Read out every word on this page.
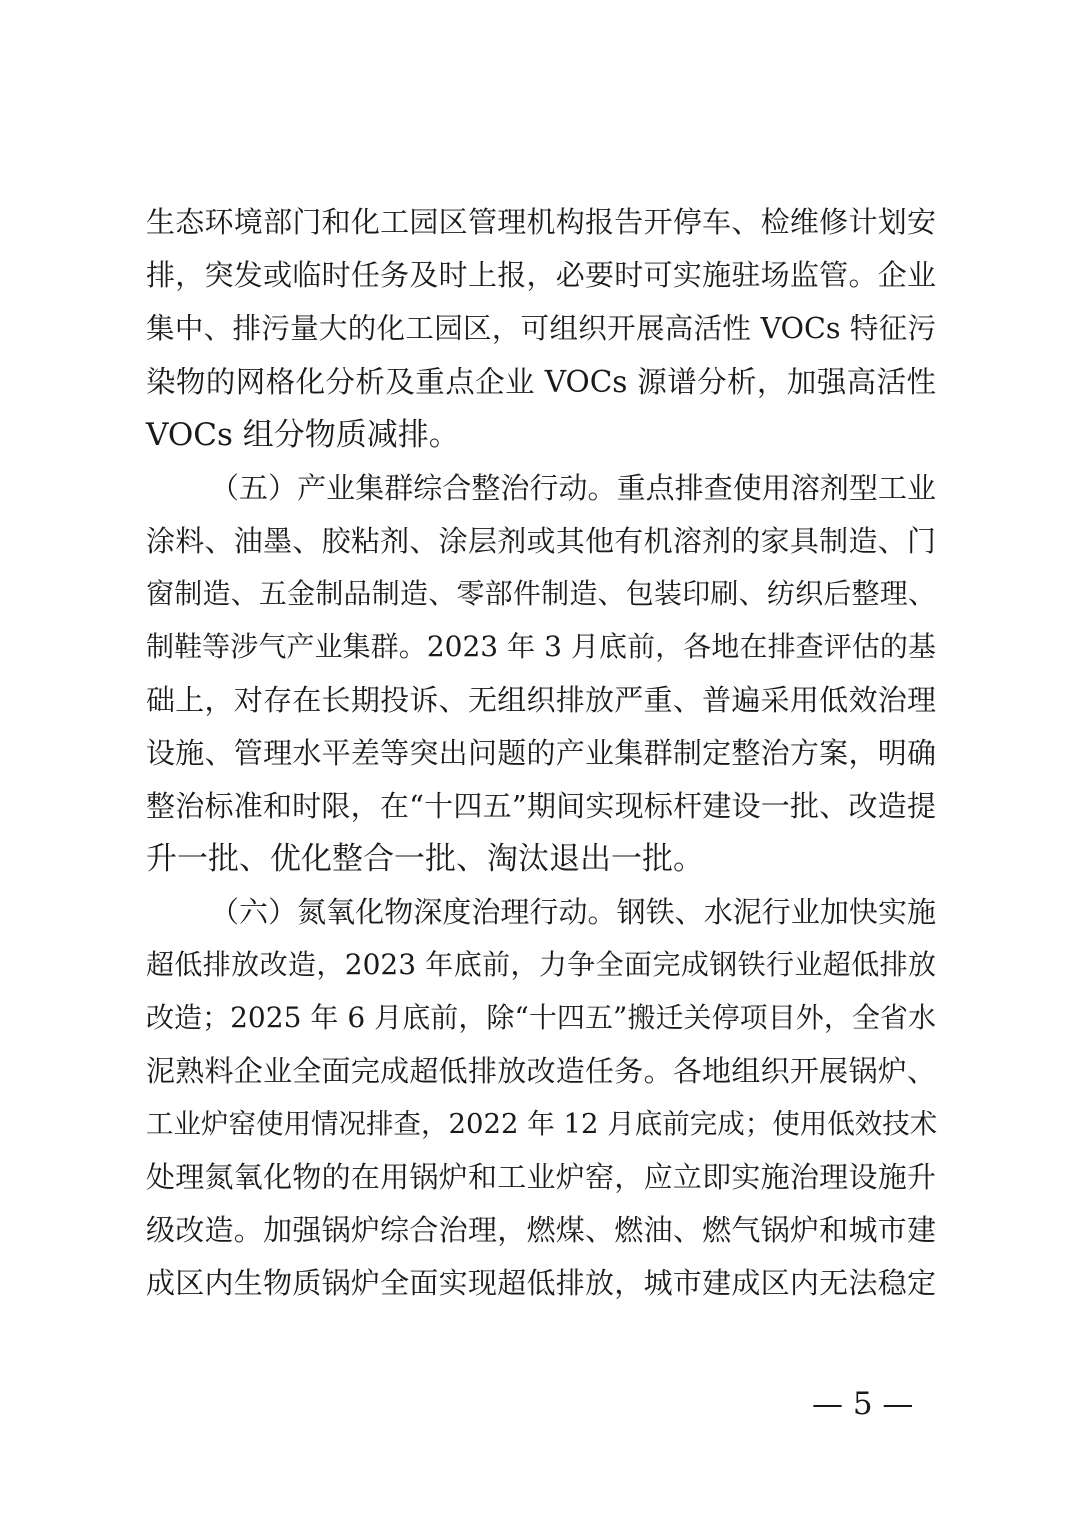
生态环境部门和化工园区管理机构报告开停车、检维修计划安
排，突发或临时任务及时上报，必要时可实施驻场监管。企业
集中、排污量大的化工园区，可组织开展高活性 VOCs 特征污
染物的网格化分析及重点企业 VOCs 源谱分析，加强高活性
VOCs 组分物质减排。
（五）产业集群综合整治行动。重点排查使用溶剂型工业
涂料、油墨、胶粘剂、涂层剂或其他有机溶剂的家具制造、门
窗制造、五金制品制造、零部件制造、包装印刷、纺织后整理、
制鞋等涉气产业集群。2023 年 3 月底前，各地在排查评估的基
础上，对存在长期投诉、无组织排放严重、普遍采用低效治理
设施、管理水平差等突出问题的产业集群制定整治方案，明确
整治标准和时限，在“十四五”期间实现标杆建设一批、改造提
升一批、优化整合一批、淘汰退出一批。
（六）氮氧化物深度治理行动。钢铁、水泥行业加快实施
超低排放改造，2023 年底前，力争全面完成钢铁行业超低排放
改造；2025 年 6 月底前，除“十四五”搬迁关停项目外，全省水
泥熟料企业全面完成超低排放改造任务。各地组织开展锅炉、
工业炉窑使用情况排查，2022 年 12 月底前完成；使用低效技术
处理氮氧化物的在用锅炉和工业炉窑，应立即实施治理设施升
级改造。加强锅炉综合治理，燃煤、燃油、燃气锅炉和城市建
成区内生物质锅炉全面实现超低排放，城市建成区内无法稳定
— 5 —
